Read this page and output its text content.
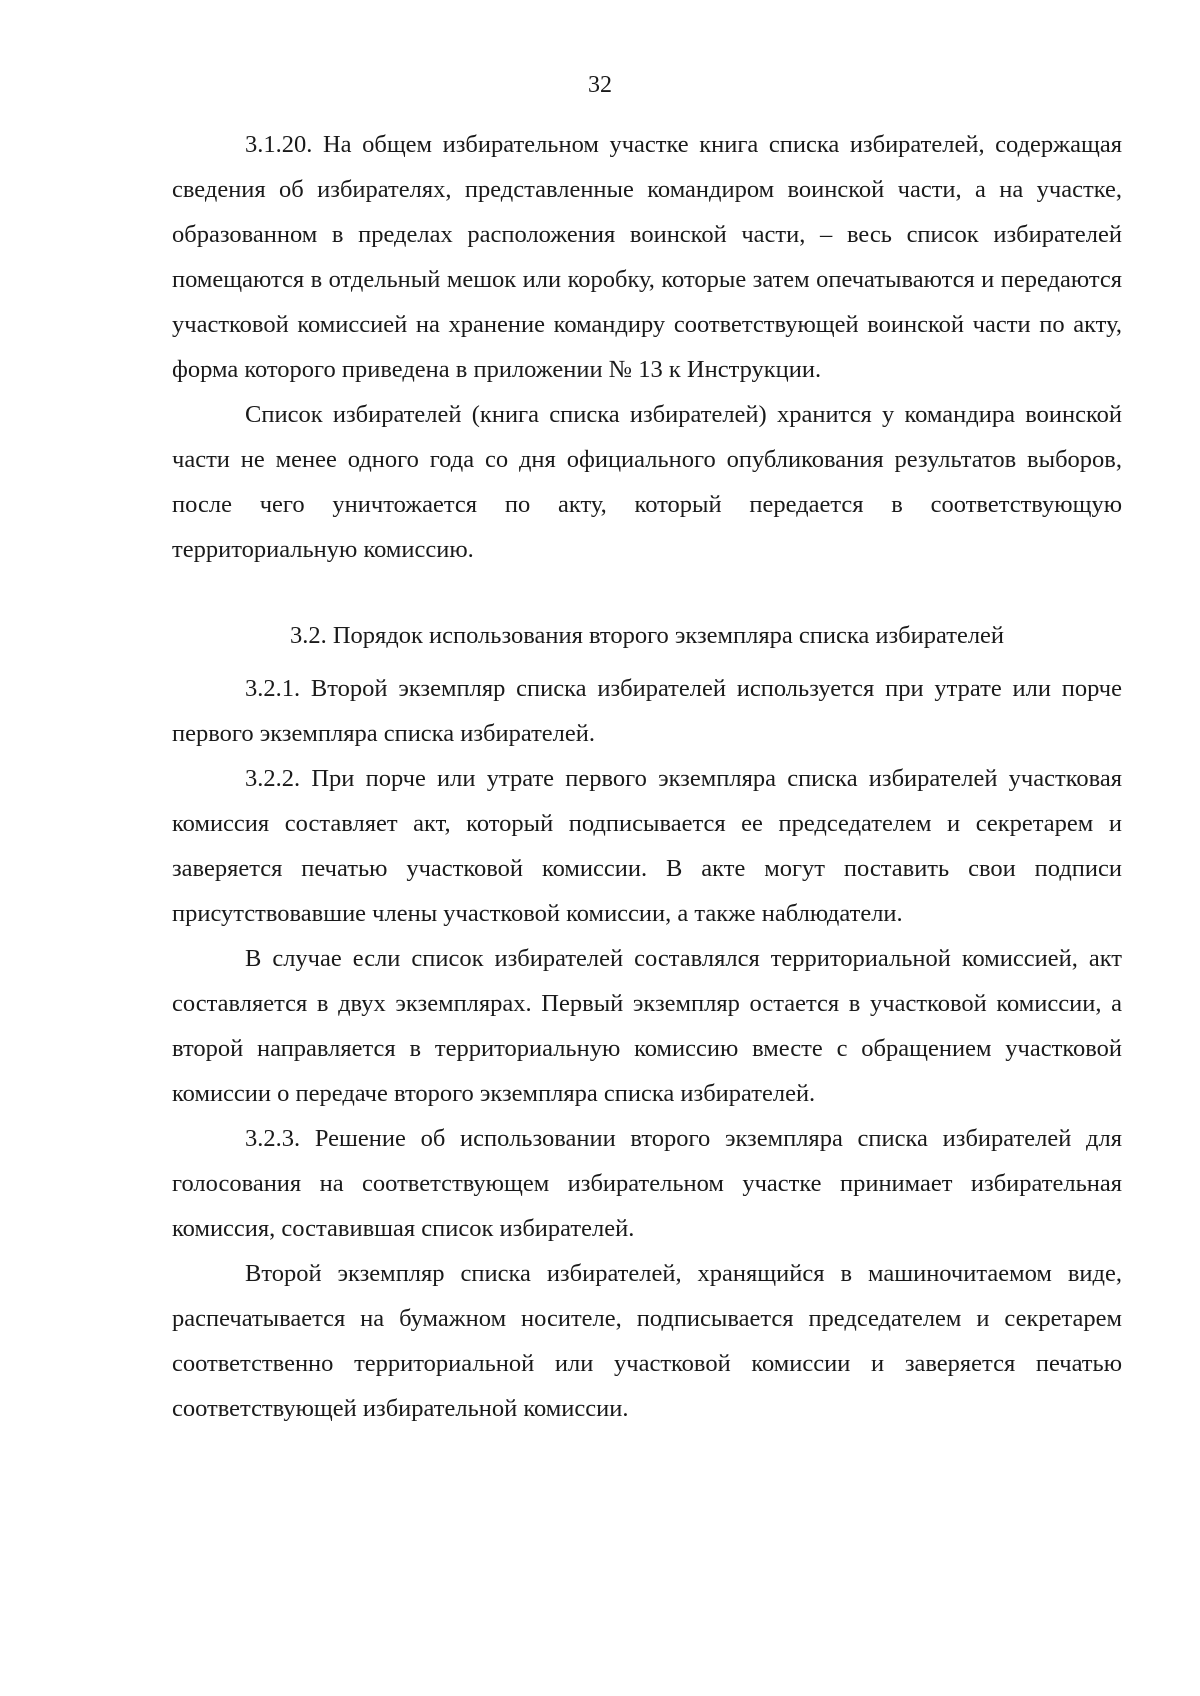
32

3.1.20. На общем избирательном участке книга списка избирателей, содержащая сведения об избирателях, представленные командиром воинской части, а на участке, образованном в пределах расположения воинской части, – весь список избирателей помещаются в отдельный мешок или коробку, которые затем опечатываются и передаются участковой комиссией на хранение командиру соответствующей воинской части по акту, форма которого приведена в приложении № 13 к Инструкции.

Список избирателей (книга списка избирателей) хранится у командира воинской части не менее одного года со дня официального опубликования результатов выборов, после чего уничтожается по акту, который передается в соответствующую территориальную комиссию.

3.2. Порядок использования второго экземпляра списка избирателей

3.2.1. Второй экземпляр списка избирателей используется при утрате или порче первого экземпляра списка избирателей.

3.2.2. При порче или утрате первого экземпляра списка избирателей участковая комиссия составляет акт, который подписывается ее председателем и секретарем и заверяется печатью участковой комиссии. В акте могут поставить свои подписи присутствовавшие члены участковой комиссии, а также наблюдатели.

В случае если список избирателей составлялся территориальной комиссией, акт составляется в двух экземплярах. Первый экземпляр остается в участковой комиссии, а второй направляется в территориальную комиссию вместе с обращением участковой комиссии о передаче второго экземпляра списка избирателей.

3.2.3. Решение об использовании второго экземпляра списка избирателей для голосования на соответствующем избирательном участке принимает избирательная комиссия, составившая список избирателей.

Второй экземпляр списка избирателей, хранящийся в машиночитаемом виде, распечатывается на бумажном носителе, подписывается председателем и секретарем соответственно территориальной или участковой комиссии и заверяется печатью соответствующей избирательной комиссии.
